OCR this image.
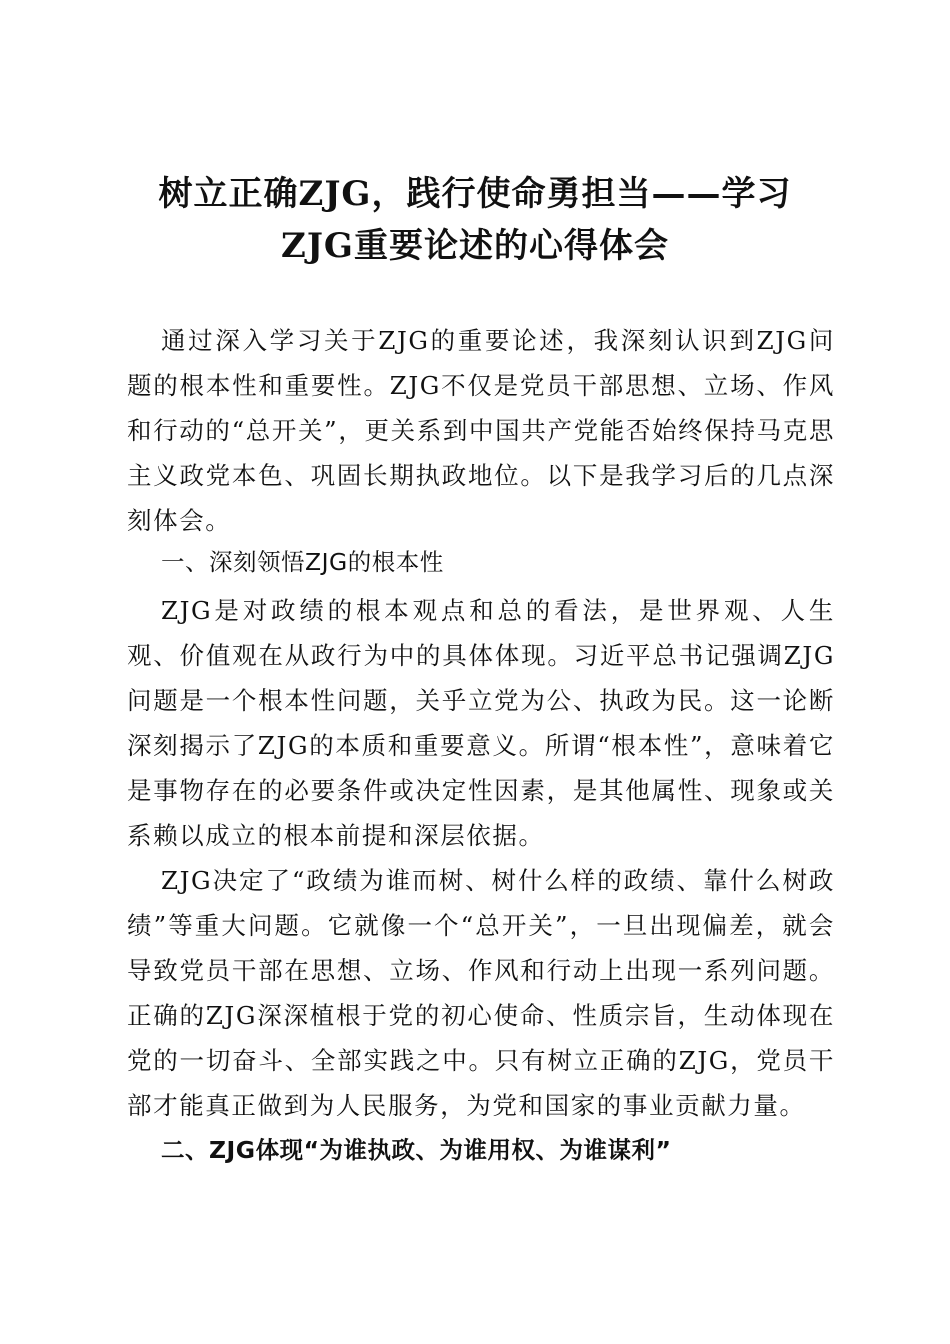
树立正确ZJG，践行使命勇担当——学习
ZJG重要论述的心得体会

通过深入学习关于ZJG的重要论述，我深刻认识到ZJG问题的根本性和重要性。ZJG不仅是党员干部思想、立场、作风和行动的“总开关”，更关系到中国共产党能否始终保持马克思主义政党本色、巩固长期执政地位。以下是我学习后的几点深刻体会。

一、深刻领悟ZJG的根本性

ZJG是对政绩的根本观点和总的看法，是世界观、人生观、价值观在从政行为中的具体体现。习近平总书记强调ZJG问题是一个根本性问题，关乎立党为公、执政为民。这一论断深刻揭示了ZJG的本质和重要意义。所谓“根本性”，意味着它是事物存在的必要条件或决定性因素，是其他属性、现象或关系赖以成立的根本前提和深层依据。

ZJG决定了“政绩为谁而树、树什么样的政绩、靠什么树政绩”等重大问题。它就像一个“总开关”，一旦出现偏差，就会导致党员干部在思想、立场、作风和行动上出现一系列问题。正确的ZJG深深植根于党的初心使命、性质宗旨，生动体现在党的一切奋斗、全部实践之中。只有树立正确的ZJG，党员干部才能真正做到为人民服务，为党和国家的事业贡献力量。

二、ZJG体现“为谁执政、为谁用权、为谁谋利”
